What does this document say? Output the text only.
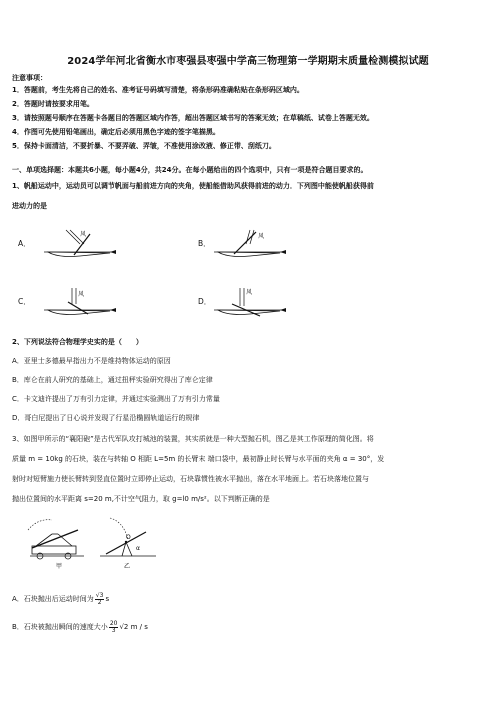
2024学年河北省衡水市枣强县枣强中学高三物理第一学期期末质量检测模拟试题
注意事项：
1．答题前，考生先将自己的姓名、准考证号码填写清楚，将条形码准确粘贴在条形码区域内。
2．答题时请按要求用笔。
3．请按照题号顺序在答题卡各题目的答题区域内作答，超出答题区域书写的答案无效；在草稿纸、试卷上答题无效。
4．作图可先使用铅笔画出，确定后必须用黑色字迹的签字笔描黑。
5．保持卡面清洁，不要折暴、不要弄破、弄皱，不准使用涂改液、修正带、刮纸刀。
一、单项选择题：本题共6小题，每小题4分，共24分。在每小题给出的四个选项中，只有一项是符合题目要求的。
1、帆船运动中，运动员可以调节帆面与船前进方向的夹角，使船能借助风获得前进的动力．下列图中能使帆船获得前
进动力的是
A．
风
B．
风
C．
风
D．
风
2、下列说法符合物理学史实的是（　　）
A．亚里士多德最早指出力不是维持物体运动的原因
B．库仑在前人研究的基础上，通过扭秤实验研究得出了库仑定律
C．卡文迪许提出了万有引力定律，并通过实验测出了万有引力常量
D．哥白尼提出了日心说并发现了行星沿椭圆轨道运行的规律
3、如图甲所示的“襄阳砲”是古代军队攻打城池的装置，其实质就是一种大型抛石机，图乙是其工作原理的简化图。将
质量 m = 10kg 的石块，装在与转轴 O 相距 L=5m 的长臂末 端口袋中，最初静止时长臂与水平面的夹角 α = 30°，发
射时对短臂施力使长臂转到竖直位置时立即停止运动，石块靠惯性被水平抛出，落在水平地面上。若石块落地位置与
抛出位置间的水平距离 s=20 m,不计空气阻力，取 g=l0 m/s²。以下判断正确的是
甲
O
α
乙
A．石块抛出后运动时间为 $\frac{√3}{2}$ s
B．石块被抛出瞬间的速度大小 $\frac{20}{3} √2$ m / s
